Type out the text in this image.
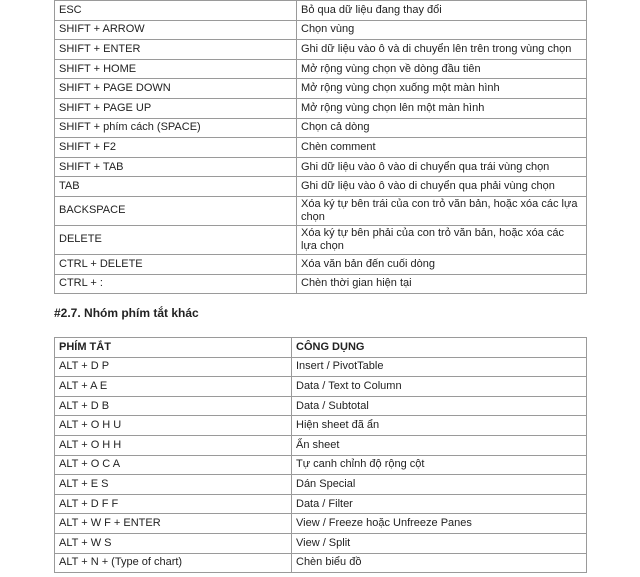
ESC	Bỏ qua dữ liệu đang thay đổi
SHIFT + ARROW	Chọn vùng
SHIFT + ENTER	Ghi dữ liệu vào ô và di chuyển lên trên trong vùng chọn
SHIFT + HOME	Mở rộng vùng chọn về dòng đầu tiên
SHIFT + PAGE DOWN	Mở rộng vùng chọn xuống một màn hình
SHIFT + PAGE UP	Mở rộng vùng chọn lên một màn hình
SHIFT + phím cách (SPACE)	Chọn cả dòng
SHIFT + F2	Chèn comment
SHIFT + TAB	Ghi dữ liệu vào ô vào di chuyển qua trái vùng chọn
TAB	Ghi dữ liệu vào ô vào di chuyển qua phải vùng chọn
BACKSPACE	Xóa ký tự bên trái của con trỏ văn bản, hoặc xóa các lựa chọn
DELETE	Xóa ký tự bên phải của con trỏ văn bản, hoặc xóa các lựa chọn
CTRL + DELETE	Xóa văn bản đến cuối dòng
CTRL + :	Chèn thời gian hiện tại
#2.7. Nhóm phím tắt khác
PHÍM TẮT	CÔNG DỤNG
ALT + D P	Insert / PivotTable
ALT + A E	Data / Text to Column
ALT + D B	Data / Subtotal
ALT + O H U	Hiện sheet đã ẩn
ALT + O H H	Ẩn sheet
ALT + O C A	Tự canh chỉnh độ rộng cột
ALT + E S	Dán Special
ALT + D F F	Data / Filter
ALT + W F + ENTER	View / Freeze hoặc Unfreeze Panes
ALT + W S	View / Split
ALT + N + (Type of chart)	Chèn biểu đồ
